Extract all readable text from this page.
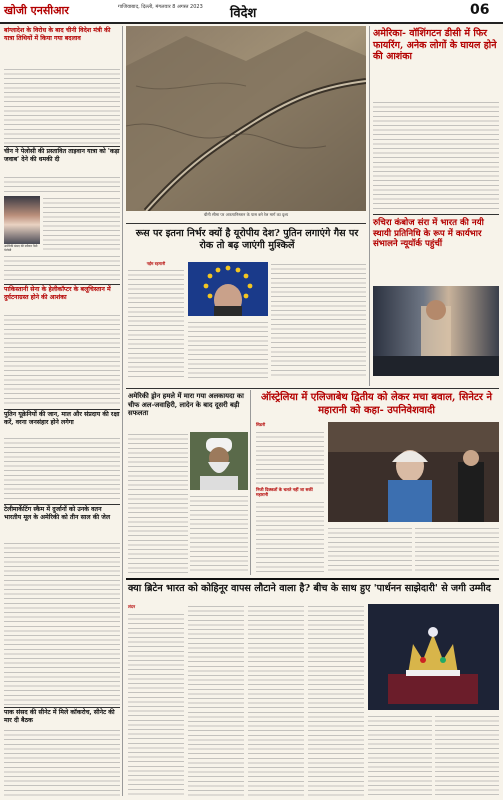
खोजी एनसीआर	गाजियाबाद, दिल्ली, मंगलवार 8 अगस्त 2023	विदेश	06
बांग्लादेश के विरोध के बाद चीनी विदेश मंत्री की यात्रा तिथियों में किया गया बदलाव
चीन ने पेलोसी की प्रस्तावित ताइवान यात्रा को 'कड़ा जवाब' देने की धमकी दी
अमेरिकी संसद की स्पीकर नैंसी पेलोसी
पाकिस्तानी सेना के हेलीकॉप्टर के बलूचिस्तान में दुर्घटनाग्रस्त होने की आशंका
पुतिन यूक्रेनियों की जान, माल और संप्रदाय की रक्षा करें, वरना जनसंहार होने लगेगा
टेलीमार्केटिंग स्कैम में दुर्जानों को उनके वतन भारतीय मूल के अमेरिकी को तीन साल की जेल
पाक संसद की सीनेट में मिले कॉकरोच, सीनेट की मार दी बैठक
चीनी सीमा पर अफगानिस्तान के पास बने रेल मार्ग का दृश्य
अमेरिका- वॉशिंगटन डीसी में फिर फायरिंग, अनेक लोगों के घायल होने की आशंका
रुचिरा कंबोज संरा में भारत की नयी स्थायी प्रतिनिधि के रूप में कार्यभार संभालने न्यूयॉर्क पहुंचीं
रूस पर इतना निर्भर क्यों है यूरोपीय देश? पुतिन लगाएंगे गैस पर रोक तो बढ़ जाएंगी मुश्किलें
नईम रहमानी
अमेरिकी ड्रोन हमले में मारा गया अलकायदा का चीफ अल-जवाहिरी, लादेन के बाद दूसरी बड़ी सफलता
ऑस्ट्रेलिया में एलिजाबेथ द्वितीय को लेकर मचा बवाल, सिनेटर ने महारानी को कहा- उपनिवेशवादी
सिडनी
निजी दिक्कतों के चलते नहीं जा सकीं महारानी
क्या ब्रिटेन भारत को कोहिनूर वापस लौटाने वाला है? बीच के साथ हुए 'पार्थनन साझेदारी' से जगी उम्मीद
लंदन
